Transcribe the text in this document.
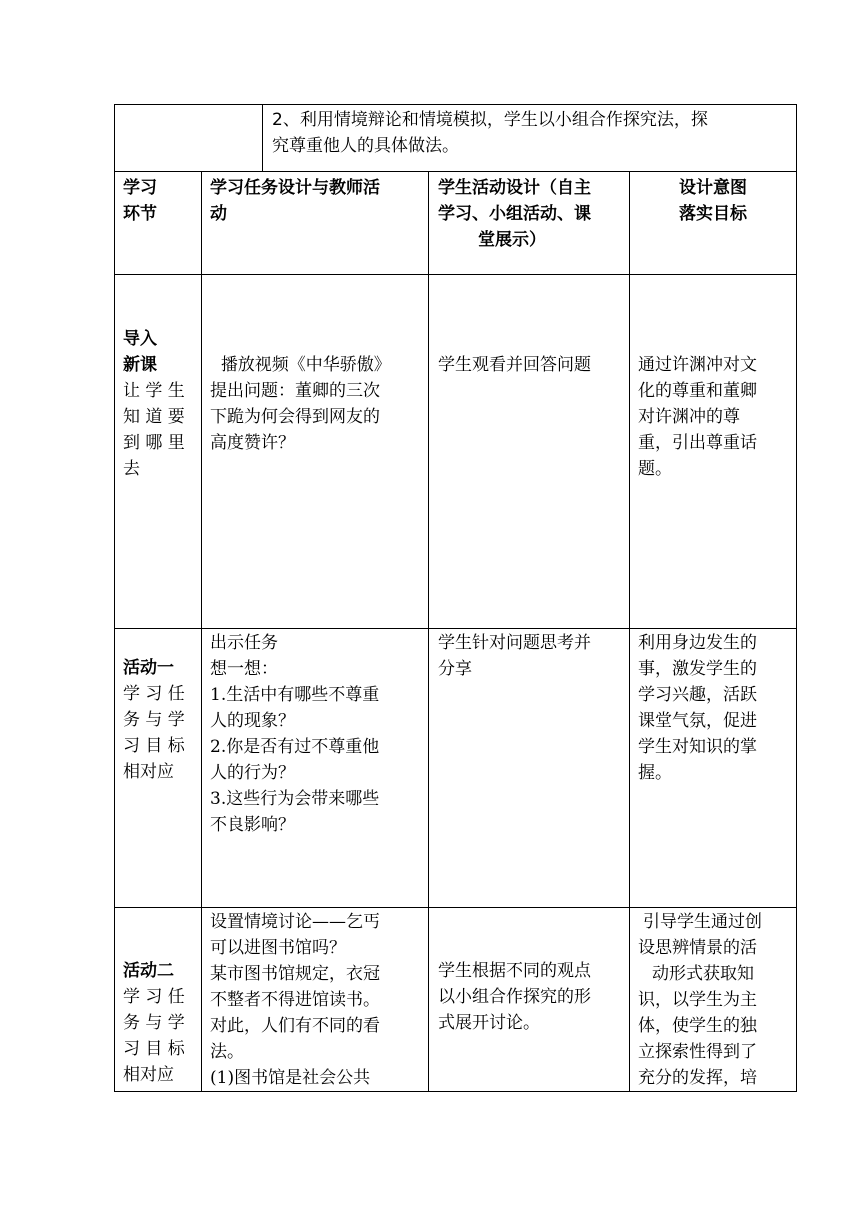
2、利用情境辩论和情境模拟，学生以小组合作探究法，探
究尊重他人的具体做法。
学习
环节
学习任务设计与教师活
动
学生活动设计（自主
学习、小组活动、课
堂展示）
设计意图
落实目标
导入
新课
让 学 生
知 道 要
到 哪 里
去
播放视频《中华骄傲》
提出问题：董卿的三次
下跪为何会得到网友的
高度赞许？
学生观看并回答问题	通过许渊冲对文
化的尊重和董卿
对许渊冲的尊
重，引出尊重话
题。
活动一
学 习 任
务 与 学
习 目 标
相对应
出示任务
想一想：
1.生活中有哪些不尊重
人的现象？
2.你是否有过不尊重他
人的行为？
3.这些行为会带来哪些
不良影响？
学生针对问题思考并
分享
利用身边发生的
事，激发学生的
学习兴趣，活跃
课堂气氛，促进
学生对知识的掌
握。
活动二
学 习 任
务 与 学
习 目 标
相对应
设置情境讨论——乞丐
可以进图书馆吗？
某市图书馆规定，衣冠
不整者不得进馆读书。
对此，人们有不同的看
法。
(1)图书馆是社会公共
学生根据不同的观点
以小组合作探究的形
式展开讨论。
引导学生通过创
设思辨情景的活
动形式获取知
识，以学生为主
体，使学生的独
立探索性得到了
充分的发挥，培
